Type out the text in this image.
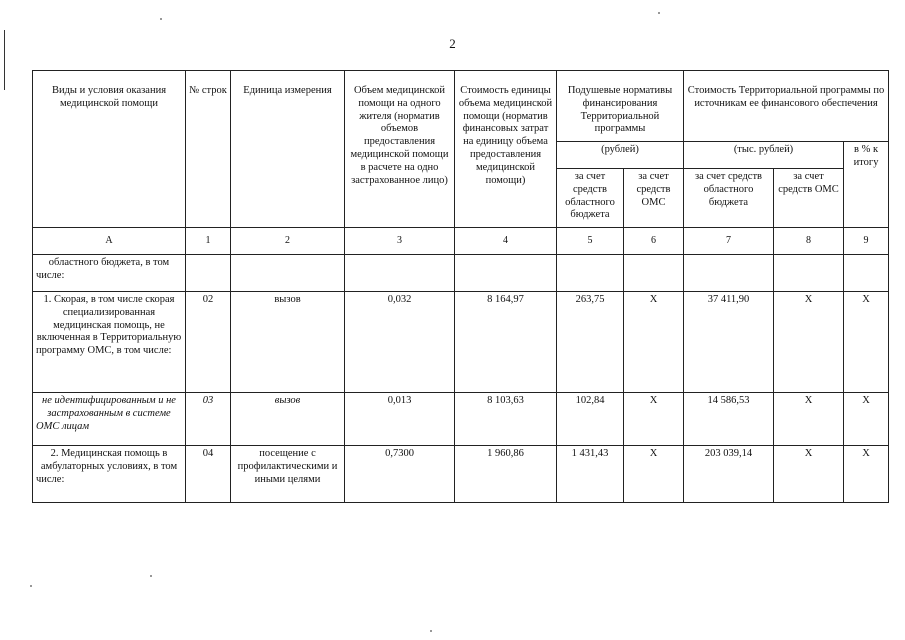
2
Виды и условия оказания медицинской помощи	№ строк	Единица измерения	Объем медицинской помощи на одного жителя (норматив объемов предоставления медицинской помощи в расчете на одно застрахованное лицо)	Стоимость единицы объема медицинской помощи (норматив финансовых затрат на единицу объема предоставления медицинской помощи)	Подушевые нормативы финансирования Территориальной программы		Стоимость Территориальной программы по источникам ее финансового обеспечения		
					(рублей)		(тыс. рублей)		в % к итогу
					за счет средств областного бюджета	за счет средств ОМС	за счет средств областного бюджета	за счет средств ОМС	
А	1	2	3	4	5	6	7	8	9
областного бюджета, в том числе:									
1. Скорая, в том числе скорая специализированная медицинская помощь, не включенная в Территориальную программу ОМС, в том числе:	02	вызов	0,032	8 164,97	263,75	X	37 411,90	X	X
не идентифицированным и не застрахованным в системе ОМС лицам	03	вызов	0,013	8 103,63	102,84	X	14 586,53	X	X
2. Медицинская помощь в амбулаторных условиях, в том числе:	04	посещение с профилактическими и иными целями	0,7300	1 960,86	1 431,43	X	203 039,14	X	X
